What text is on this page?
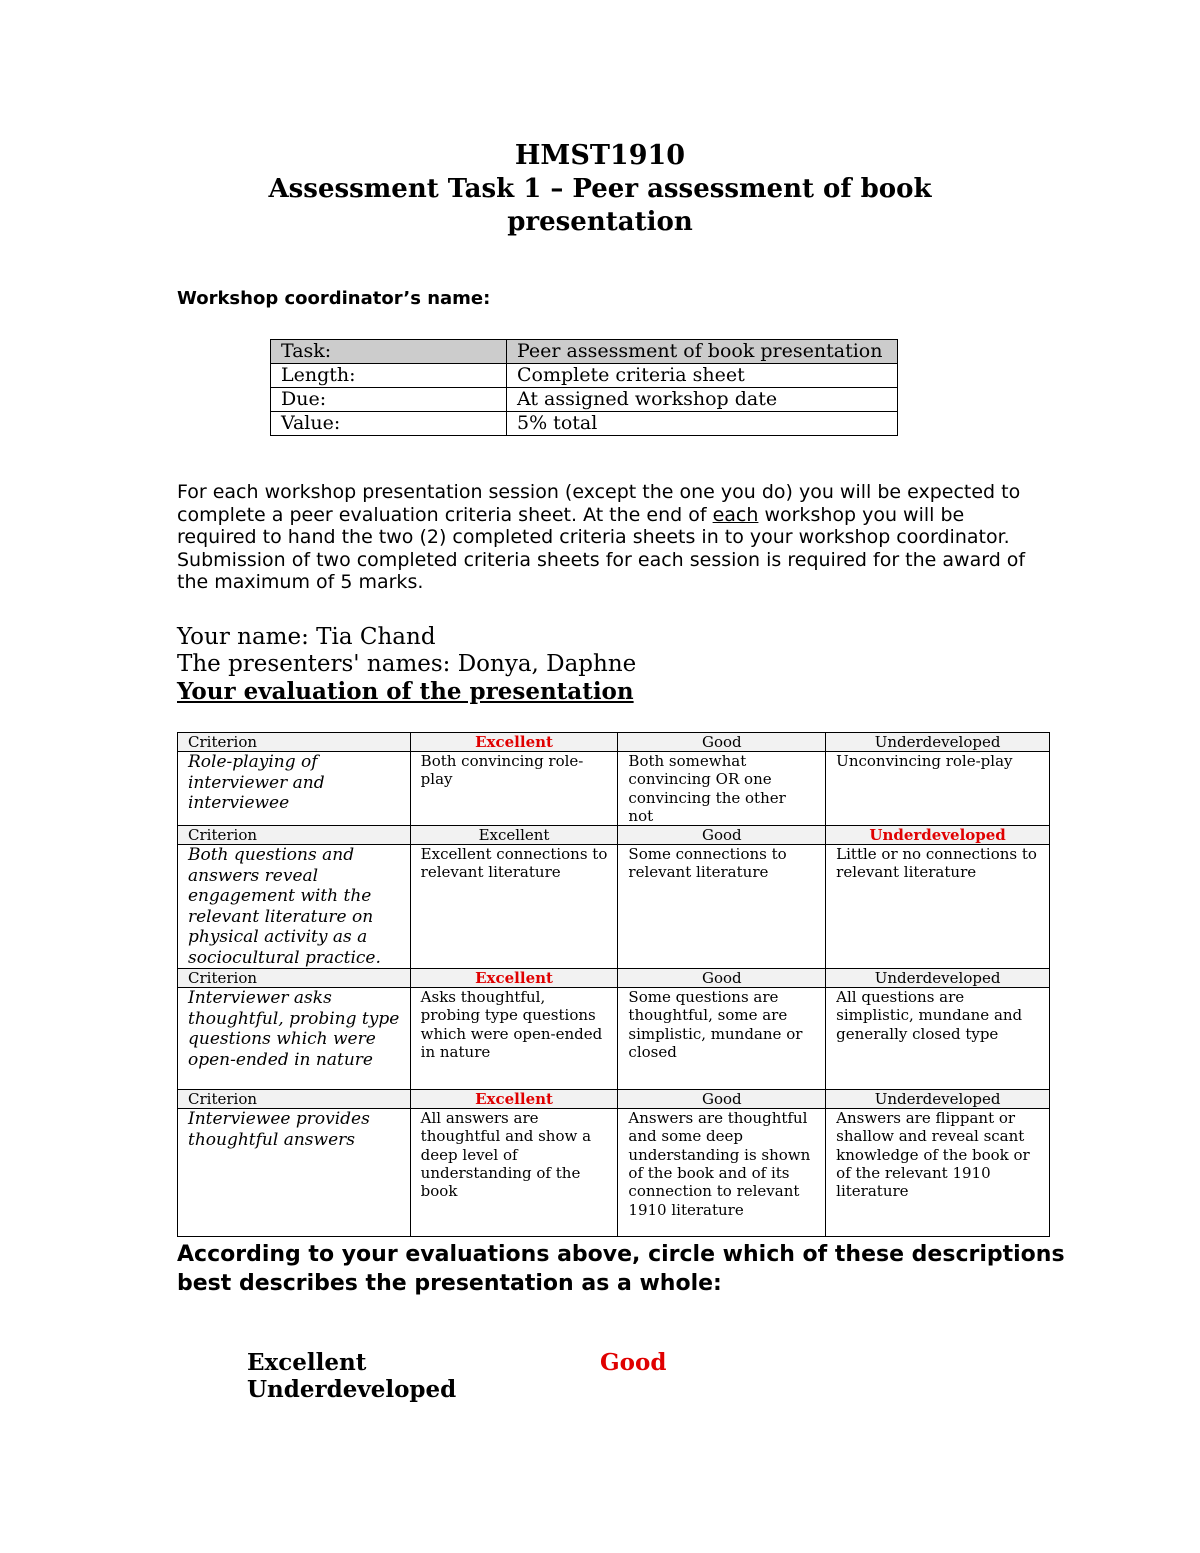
HMST1910
Assessment Task 1 – Peer assessment of book presentation
Workshop coordinator’s name:
Task:	Peer assessment of book presentation
Length:	Complete criteria sheet
Due:	At assigned workshop date
Value:	5% total
For each workshop presentation session (except the one you do) you will be expected to complete a peer evaluation criteria sheet. At the end of each workshop you will be required to hand the two (2) completed criteria sheets in to your workshop coordinator. Submission of two completed criteria sheets for each session is required for the award of the maximum of 5 marks.
Your name: Tia Chand
The presenters' names: Donya, Daphne
Your evaluation of the presentation
Criterion	Excellent	Good	Underdeveloped
Role-playing of interviewer and interviewee	Both convincing role-play	Both somewhat convincing OR one convincing the other not	Unconvincing role-play
Criterion	Excellent	Good	Underdeveloped
Both questions and answers reveal engagement with the relevant literature on physical activity as a sociocultural practice.	Excellent connections to relevant literature	Some connections to relevant literature	Little or no connections to relevant literature
Criterion	Excellent	Good	Underdeveloped
Interviewer asks thoughtful, probing type questions which were open-ended in nature	Asks thoughtful, probing type questions which were open-ended in nature	Some questions are thoughtful, some are simplistic, mundane or closed	All questions are simplistic, mundane and generally closed type
Criterion	Excellent	Good	Underdeveloped
Interviewee provides thoughtful answers	All answers are thoughtful and show a deep level of understanding of the book	Answers are thoughtful and some deep understanding is shown of the book and of its connection to relevant 1910 literature	Answers are flippant or shallow and reveal scant knowledge of the book or of the relevant 1910 literature
According to your evaluations above, circle which of these descriptions best describes the presentation as a whole:
Excellent	Good
Underdeveloped
